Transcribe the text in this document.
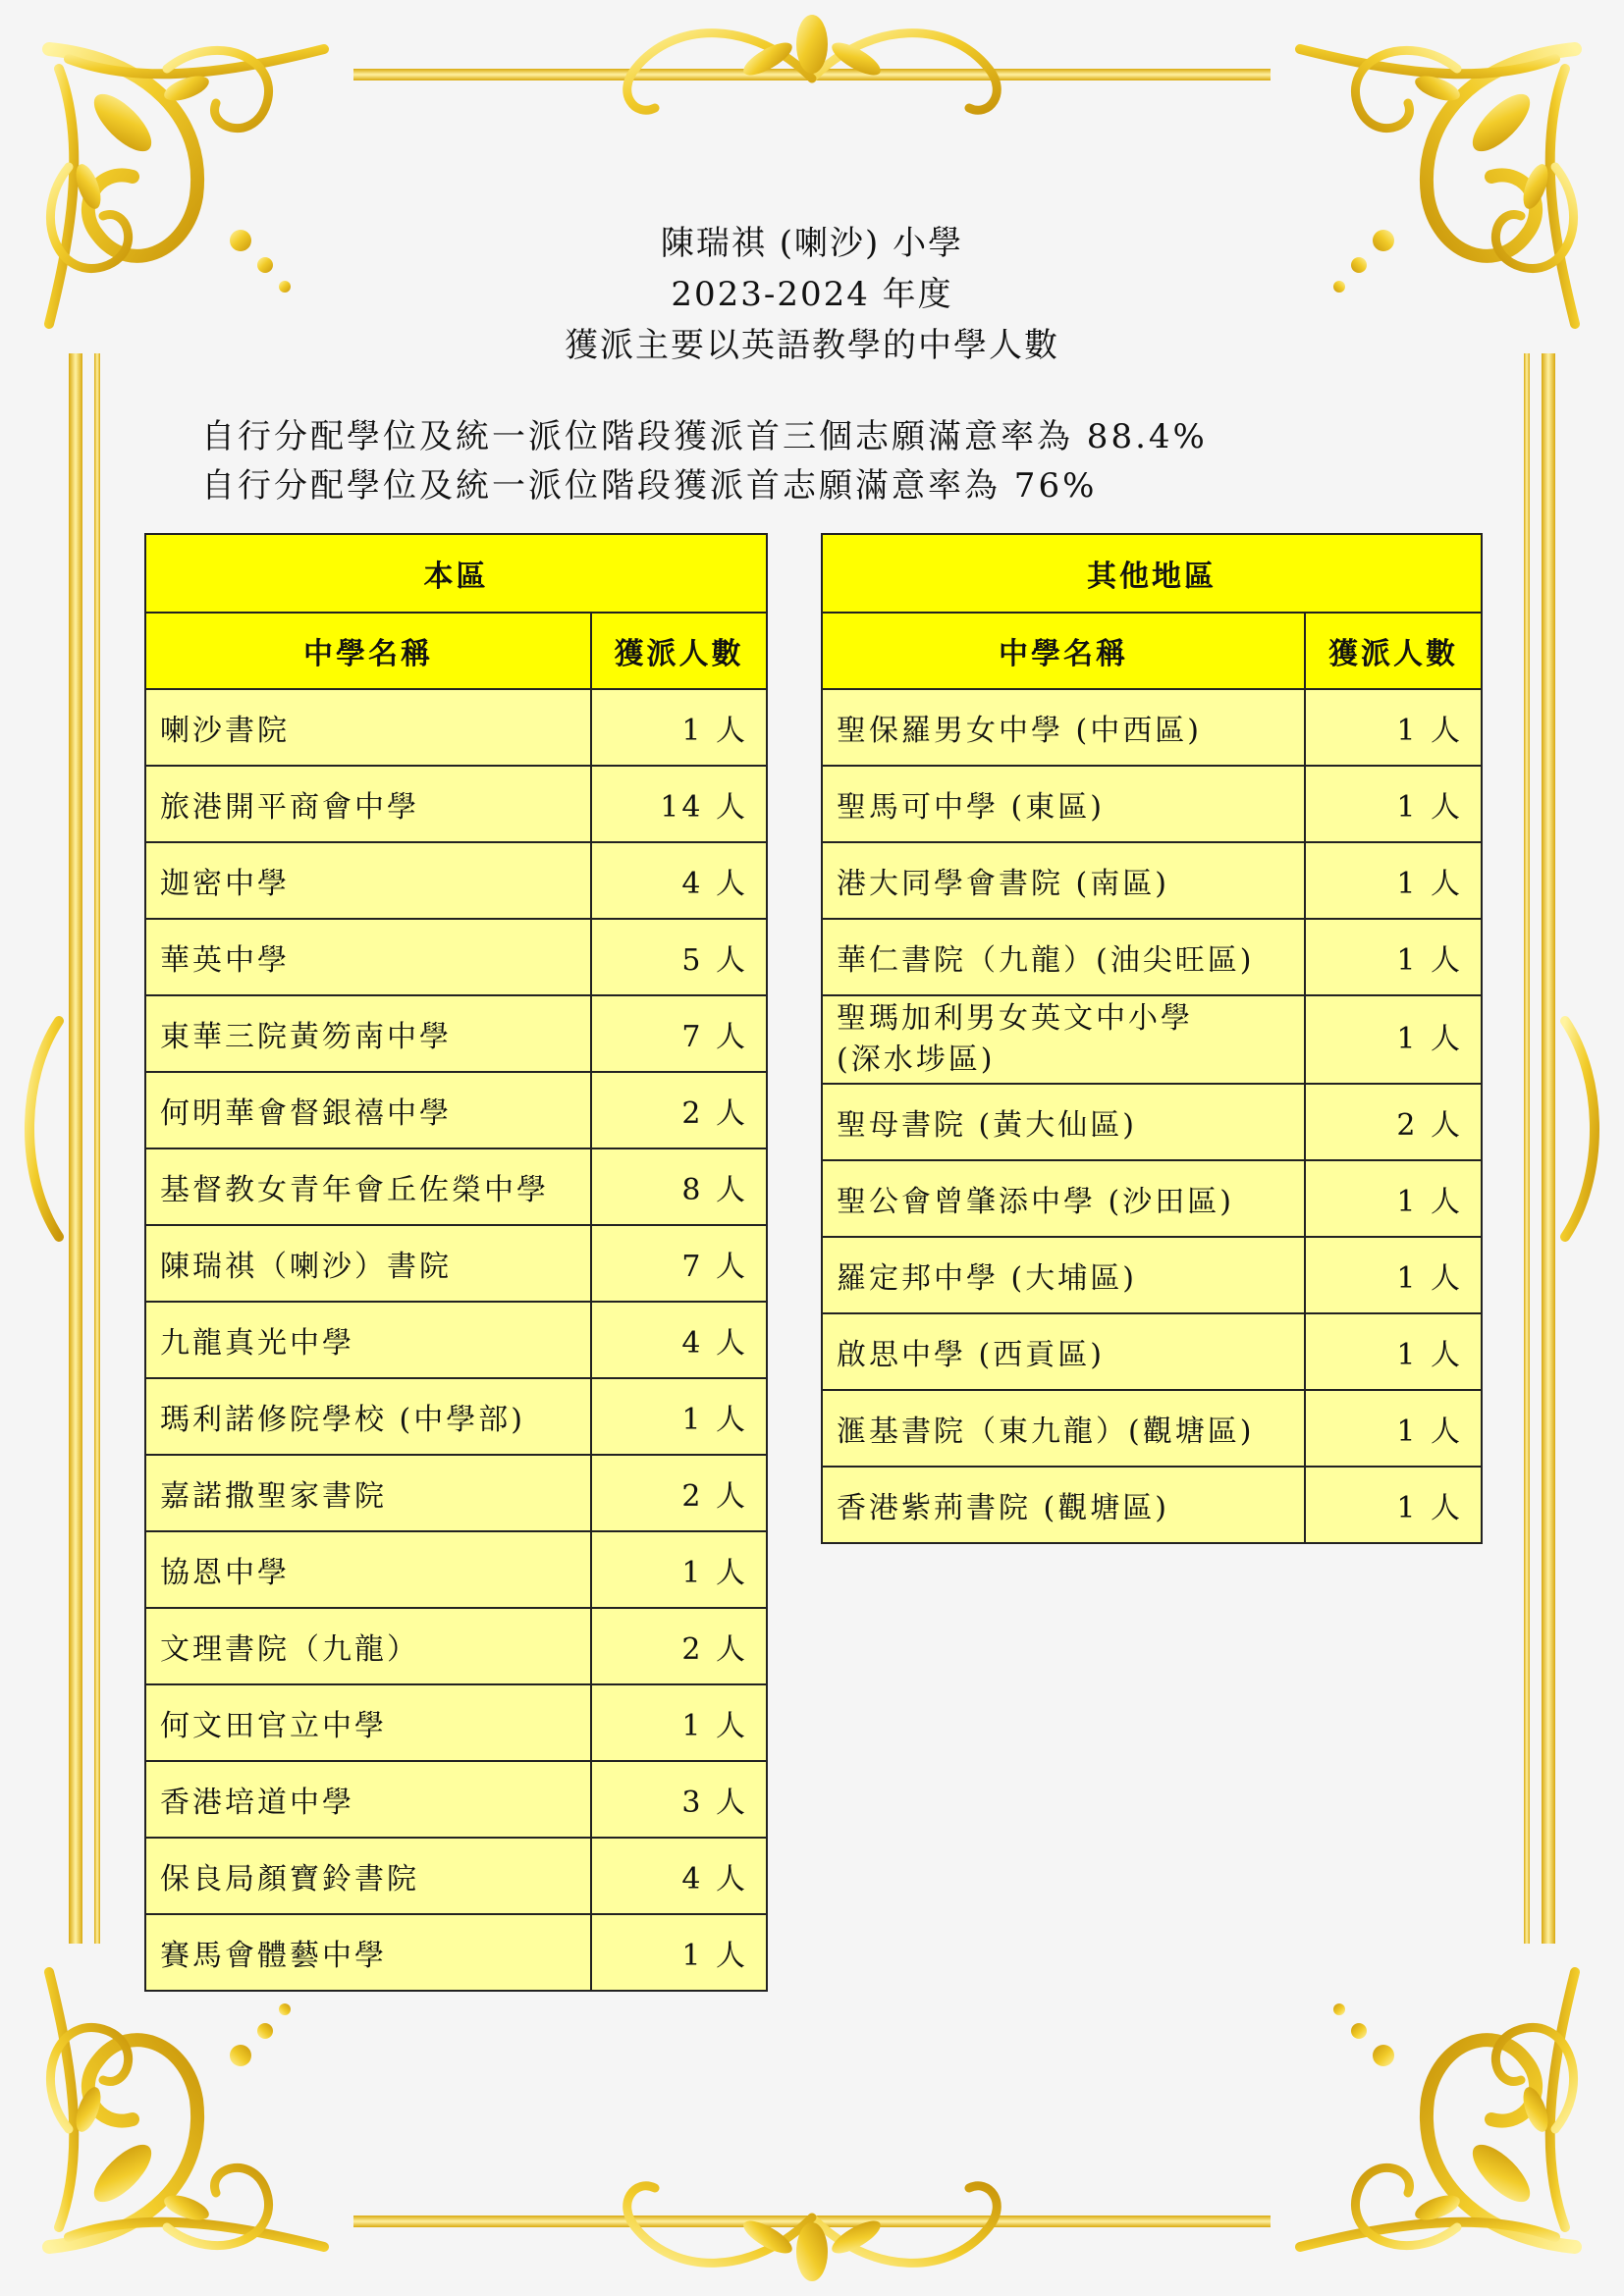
陳瑞祺 (喇沙) 小學
2023-2024 年度
獲派主要以英語教學的中學人數
自行分配學位及統一派位階段獲派首三個志願滿意率為 88.4%
自行分配學位及統一派位階段獲派首志願滿意率為 76%
本區	
中學名稱	獲派人數
喇沙書院	1 人
旅港開平商會中學	14 人
迦密中學	4 人
華英中學	5 人
東華三院黃笏南中學	7 人
何明華會督銀禧中學	2 人
基督教女青年會丘佐榮中學	8 人
陳瑞祺（喇沙）書院	7 人
九龍真光中學	4 人
瑪利諾修院學校 (中學部)	1 人
嘉諾撒聖家書院	2 人
協恩中學	1 人
文理書院（九龍）	2 人
何文田官立中學	1 人
香港培道中學	3 人
保良局顏寶鈴書院	4 人
賽馬會體藝中學	1 人
其他地區	
中學名稱	獲派人數
聖保羅男女中學 (中西區)	1 人
聖馬可中學 (東區)	1 人
港大同學會書院 (南區)	1 人
華仁書院（九龍）(油尖旺區)	1 人
聖瑪加利男女英文中小學
(深水埗區)	1 人
聖母書院 (黃大仙區)	2 人
聖公會曾肇添中學 (沙田區)	1 人
羅定邦中學 (大埔區)	1 人
啟思中學 (西貢區)	1 人
滙基書院（東九龍）(觀塘區)	1 人
香港紫荊書院 (觀塘區)	1 人
